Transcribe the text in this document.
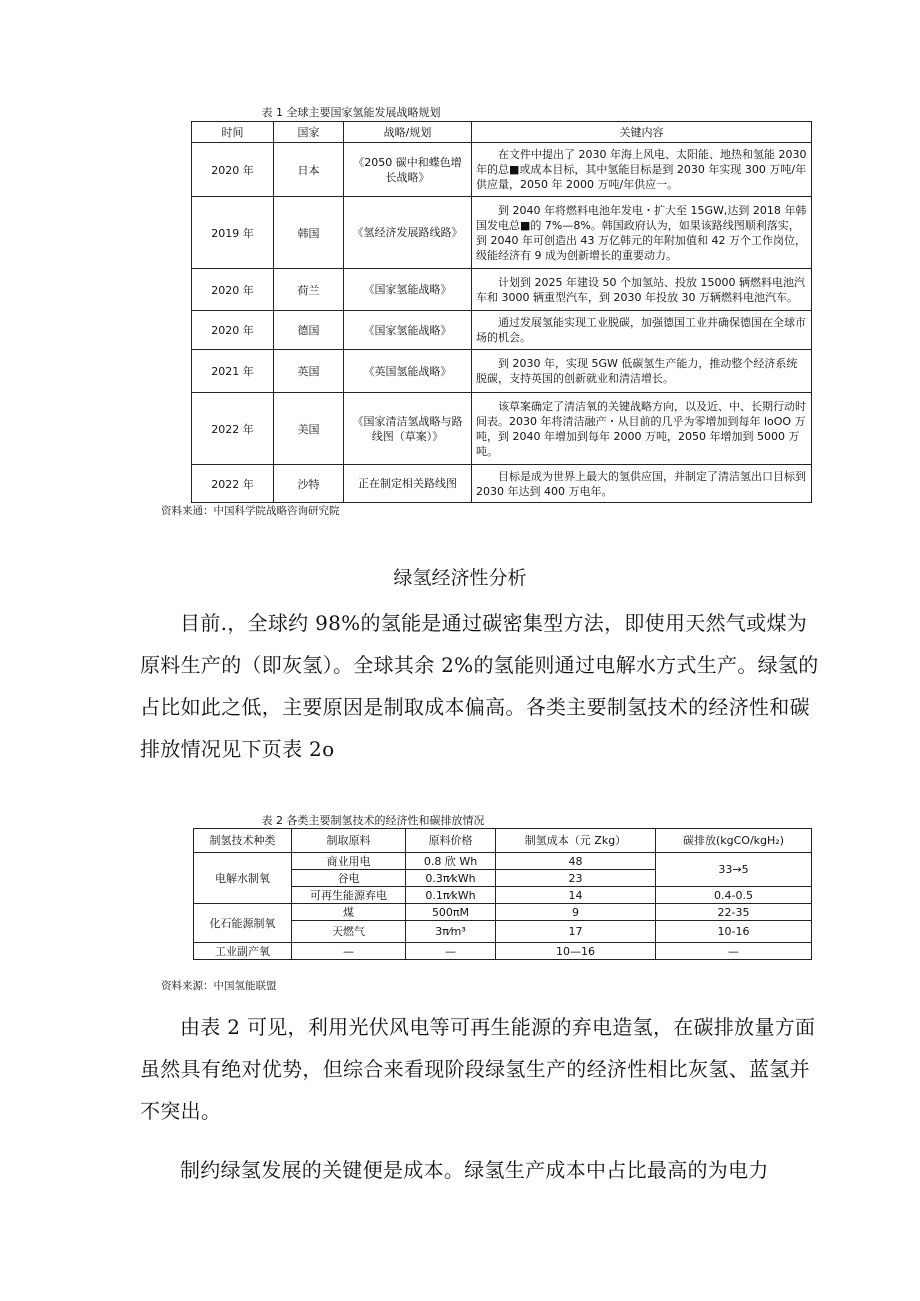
表 1 全球主要国家氢能发展战略规划
时间	国家	战略/规划	关键内容
2020 年	日本	《2050 碳中和蝶色增长战略》	在文件中提出了 2030 年海上风电、太阳能、地热和氢能 2030 年的总■或成本目标，其中氢能目标是到 2030 年实现 300 万吨/年供应量，2050 年 2000 万吨/年供应一。
2019 年	韩国	《氢经济发展路线路》	到 2040 年将燃料电池年发电・扩大至 15GW,达到 2018 年韩国发电总■的 7%—8%。韩国政府认为，如果该路线图顺利落实，到 2040 年可创造出 43 万亿韩元的年附加值和 42 万个工作岗位，级能经济有 9 成为创新增长的重要动力。
2020 年	荷兰	《国家氢能战略》	计划到 2025 年建设 50 个加氢站、投放 15000 辆燃料电池汽车和 3000 辆重型汽车，到 2030 年投放 30 万辆燃料电池汽车。
2020 年	德国	《国家氢能战略》	通过发展氢能实现工业脱碳，加强德国工业并确保德国在全球市场的机会。
2021 年	英国	《英国氢能战略》	到 2030 年，实现 5GW 低碳氢生产能力，推动整个经济系统脱碳，支持英国的创新就业和清洁增长。
2022 年	美国	《国家清洁氢战略与路线图（草案）》	该草案确定了清洁氧的关键战略方向，以及近、中、长期行动时间表。2030 年将清洁融产・从目前的几乎为零增加到每年 loOO 万吨，到 2040 年增加到每年 2000 万吨，2050 年增加到 5000 万吨。
2022 年	沙特	正在制定相关路线图	目标是成为世界上最大的氢供应国，并制定了清洁氢出口目标到 2030 年达到 400 万电年。
资料来通：中国科学院战略咨询研究院
绿氢经济性分析

目前.，全球约 98%的氢能是通过碳密集型方法，即使用天然气或煤为原料生产的（即灰氢）。全球其余 2%的氢能则通过电解水方式生产。绿氢的占比如此之低，主要原因是制取成本偏高。各类主要制氢技术的经济性和碳排放情况见下页表 2o

表 2 各类主要制氢技术的经济性和碳排放情况
制氢技术种类	制取原料	原料价格	制氢成本（元 Zkg）	碳排放(kgCO/kgH₂)
电解水制氧	商业用电	0.8 欣 Wh	48	33→5
	谷电	0.3π⁄kWh	23	
	可再生能源弃电	0.1π⁄kWh	14	0.4-0.5
化石能源制氧	煤	500πM	9	22-35
	天燃气	3π⁄m³	17	10-16
工业副产氧	—	—	10—16	—
资料来源：中国氢能联盟

由表 2 可见，利用光伏风电等可再生能源的弃电造氢，在碳排放量方面虽然具有绝对优势，但综合来看现阶段绿氢生产的经济性相比灰氢、蓝氢并不突出。

制约绿氢发展的关键便是成本。绿氢生产成本中占比最高的为电力
